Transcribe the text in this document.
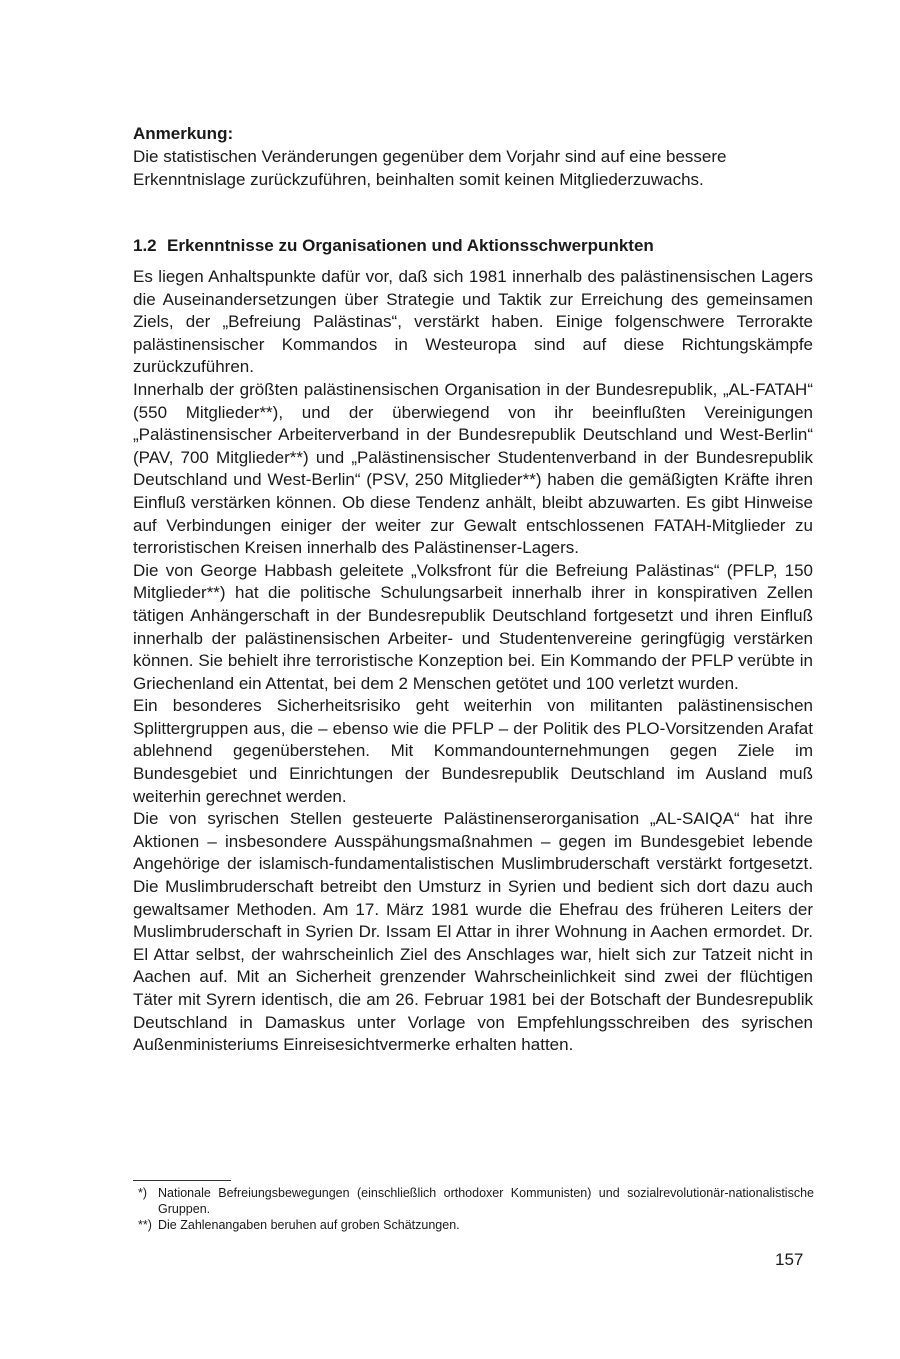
Anmerkung:

Die statistischen Veränderungen gegenüber dem Vorjahr sind auf eine bessere Erkenntnislage zurückzuführen, beinhalten somit keinen Mitgliederzuwachs.

1.2 Erkenntnisse zu Organisationen und Aktionsschwerpunkten

Es liegen Anhaltspunkte dafür vor, daß sich 1981 innerhalb des palästinensischen Lagers die Auseinandersetzungen über Strategie und Taktik zur Erreichung des gemeinsamen Ziels, der „Befreiung Palästinas“, verstärkt haben. Einige folgenschwere Terrorakte palästinensischer Kommandos in Westeuropa sind auf diese Richtungskämpfe zurückzuführen.

Innerhalb der größten palästinensischen Organisation in der Bundesrepublik, „AL-FATAH“ (550 Mitglieder**), und der überwiegend von ihr beeinflußten Vereinigungen „Palästinensischer Arbeiterverband in der Bundesrepublik Deutschland und West-Berlin“ (PAV, 700 Mitglieder**) und „Palästinensischer Studentenverband in der Bundesrepublik Deutschland und West-Berlin“ (PSV, 250 Mitglieder**) haben die gemäßigten Kräfte ihren Einfluß verstärken können. Ob diese Tendenz anhält, bleibt abzuwarten. Es gibt Hinweise auf Verbindungen einiger der weiter zur Gewalt entschlossenen FATAH-Mitglieder zu terroristischen Kreisen innerhalb des Palästinenser-Lagers.

Die von George Habbash geleitete „Volksfront für die Befreiung Palästinas“ (PFLP, 150 Mitglieder**) hat die politische Schulungsarbeit innerhalb ihrer in konspirativen Zellen tätigen Anhängerschaft in der Bundesrepublik Deutschland fortgesetzt und ihren Einfluß innerhalb der palästinensischen Arbeiter- und Studentenvereine geringfügig verstärken können. Sie behielt ihre terroristische Konzeption bei. Ein Kommando der PFLP verübte in Griechenland ein Attentat, bei dem 2 Menschen getötet und 100 verletzt wurden.

Ein besonderes Sicherheitsrisiko geht weiterhin von militanten palästinensischen Splittergruppen aus, die – ebenso wie die PFLP – der Politik des PLO-Vorsitzenden Arafat ablehnend gegenüberstehen. Mit Kommandounternehmungen gegen Ziele im Bundesgebiet und Einrichtungen der Bundesrepublik Deutschland im Ausland muß weiterhin gerechnet werden.

Die von syrischen Stellen gesteuerte Palästinenserorganisation „AL-SAIQA“ hat ihre Aktionen – insbesondere Ausspähungsmaßnahmen – gegen im Bundesgebiet lebende Angehörige der islamisch-fundamentalistischen Muslimbruderschaft verstärkt fortgesetzt. Die Muslimbruderschaft betreibt den Umsturz in Syrien und bedient sich dort dazu auch gewaltsamer Methoden. Am 17. März 1981 wurde die Ehefrau des früheren Leiters der Muslimbruderschaft in Syrien Dr. Issam El Attar in ihrer Wohnung in Aachen ermordet. Dr. El Attar selbst, der wahrscheinlich Ziel des Anschlages war, hielt sich zur Tatzeit nicht in Aachen auf. Mit an Sicherheit grenzender Wahrscheinlichkeit sind zwei der flüchtigen Täter mit Syrern identisch, die am 26. Februar 1981 bei der Botschaft der Bundesrepublik Deutschland in Damaskus unter Vorlage von Empfehlungsschreiben des syrischen Außenministeriums Einreisesichtvermerke erhalten hatten.

*) Nationale Befreiungsbewegungen (einschließlich orthodoxer Kommunisten) und sozialrevolutionär-nationalistische Gruppen.

**) Die Zahlenangaben beruhen auf groben Schätzungen.

157
